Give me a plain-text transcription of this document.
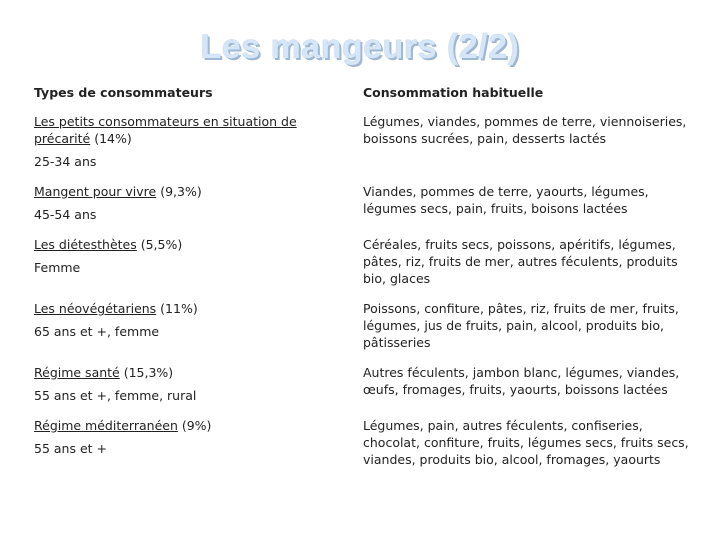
Les mangeurs (2/2)
Types de consommateurs	Consommation habituelle
Les petits consommateurs en situation de précarité (14%)
25-34 ans	Légumes, viandes, pommes de terre, viennoiseries, boissons sucrées, pain, desserts lactés
Mangent pour vivre (9,3%)
45-54 ans	Viandes, pommes de terre, yaourts, légumes, légumes secs, pain, fruits, boisons lactées
Les diétesthètes (5,5%)
Femme	Céréales, fruits secs, poissons, apéritifs, légumes, pâtes, riz, fruits de mer, autres féculents, produits bio, glaces
Les néovégétariens (11%)
65 ans et +, femme	Poissons, confiture, pâtes, riz, fruits de mer, fruits, légumes, jus de fruits, pain, alcool, produits bio, pâtisseries
Régime santé (15,3%)
55 ans et +, femme, rural	Autres féculents, jambon blanc, légumes, viandes, œufs, fromages, fruits, yaourts, boissons lactées
Régime méditerranéen (9%)
55 ans et +	Légumes, pain, autres féculents, confiseries, chocolat, confiture, fruits, légumes secs, fruits secs, viandes, produits bio, alcool, fromages, yaourts
